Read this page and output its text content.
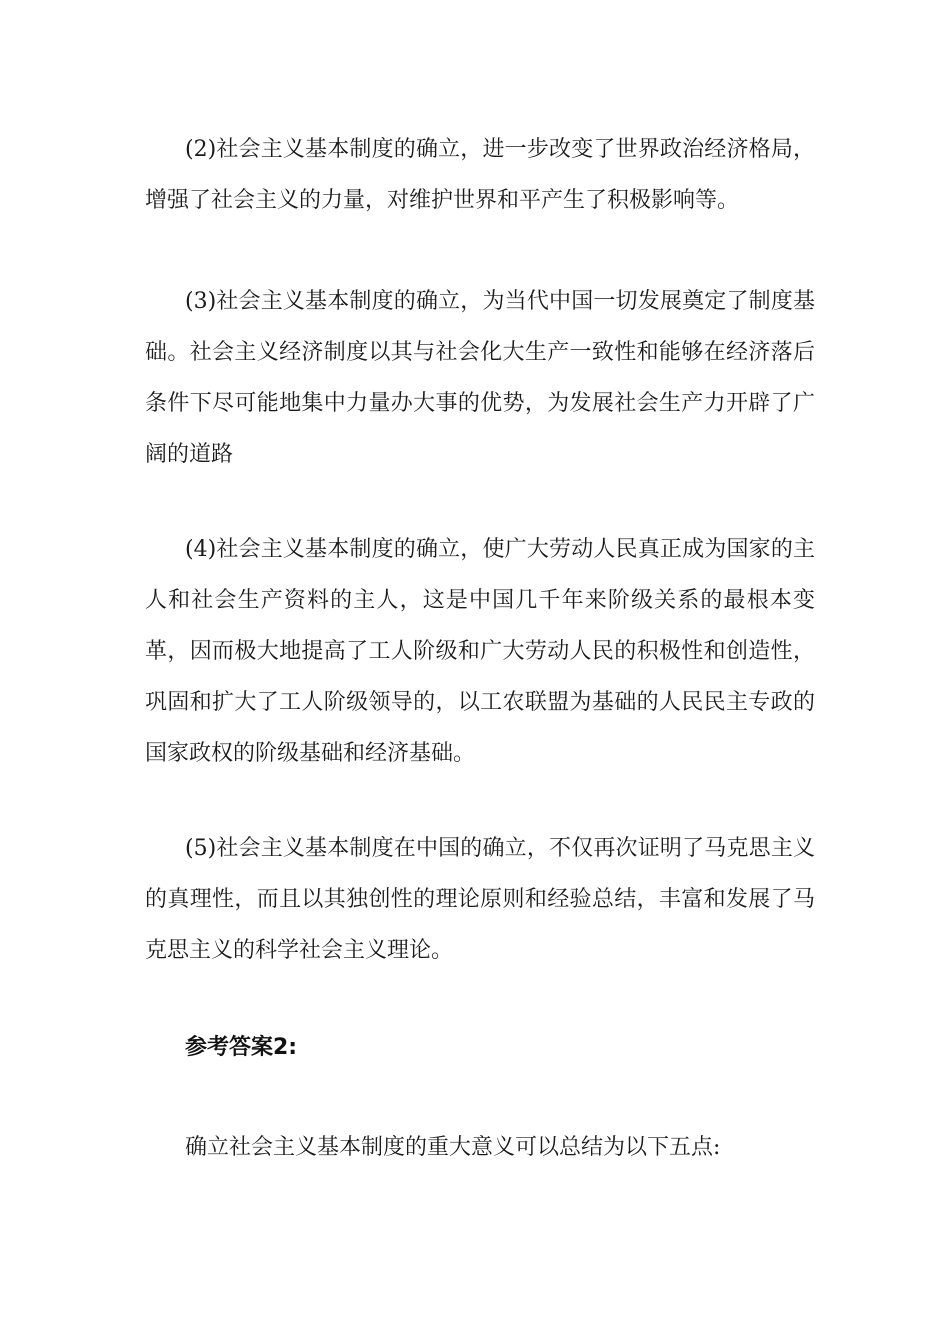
(2)社会主义基本制度的确立，进一步改变了世界政治经济格局，增强了社会主义的力量，对维护世界和平产生了积极影响等。

(3)社会主义基本制度的确立，为当代中国一切发展奠定了制度基础。社会主义经济制度以其与社会化大生产一致性和能够在经济落后条件下尽可能地集中力量办大事的优势，为发展社会生产力开辟了广阔的道路

(4)社会主义基本制度的确立，使广大劳动人民真正成为国家的主人和社会生产资料的主人，这是中国几千年来阶级关系的最根本变革，因而极大地提高了工人阶级和广大劳动人民的积极性和创造性，巩固和扩大了工人阶级领导的，以工农联盟为基础的人民民主专政的国家政权的阶级基础和经济基础。

(5)社会主义基本制度在中国的确立，不仅再次证明了马克思主义的真理性，而且以其独创性的理论原则和经验总结，丰富和发展了马克思主义的科学社会主义理论。

参考答案2:

确立社会主义基本制度的重大意义可以总结为以下五点:
